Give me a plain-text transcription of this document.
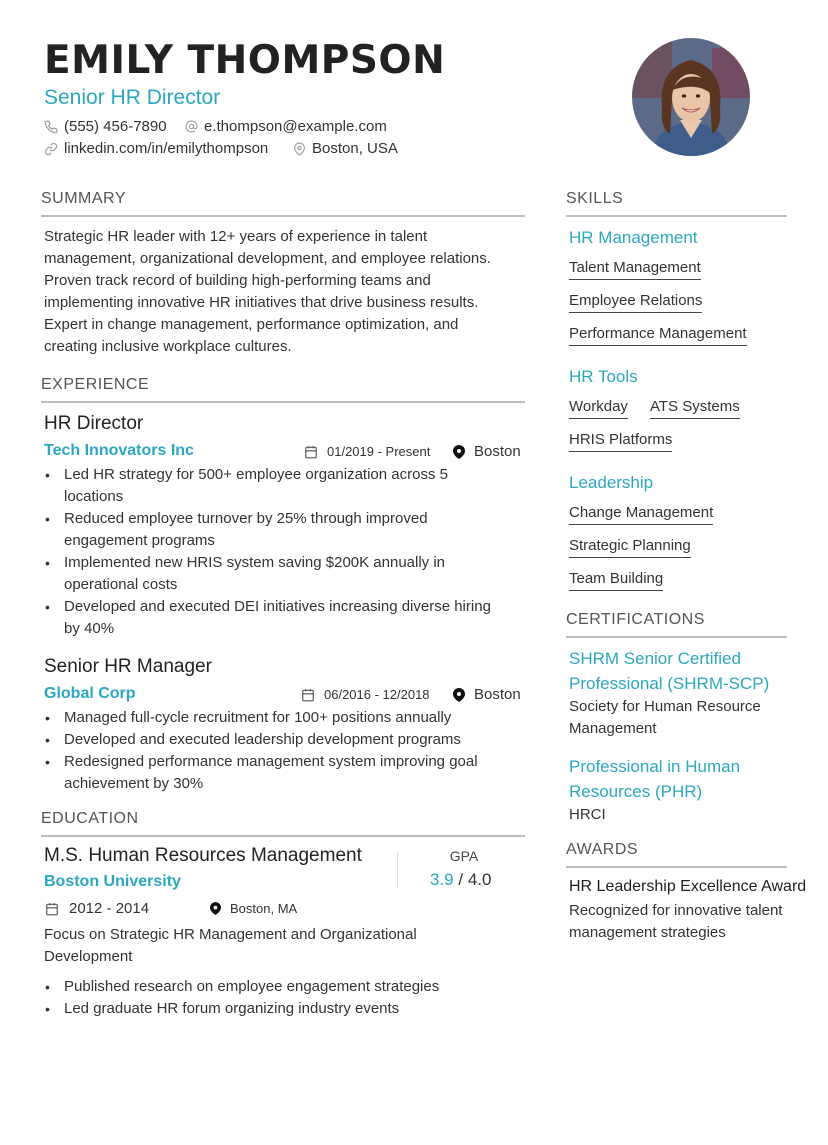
EMILY THOMPSON
Senior HR Director
(555) 456-7890 e.thompson@example.com
linkedin.com/in/emilythompson	Boston, USA
SUMMARY
Strategic HR leader with 12+ years of experience in talent
management, organizational development, and employee relations.
Proven track record of building high-performing teams and
implementing innovative HR initiatives that drive business results.
Expert in change management, performance optimization, and
creating inclusive workplace cultures.
EXPERIENCE
HR Director
Tech Innovators Inc	01/2019 - Present	Boston
• Led HR strategy for 500+ employee organization across 5
locations
• Reduced employee turnover by 25% through improved
engagement programs
• Implemented new HRIS system saving $200K annually in
operational costs
• Developed and executed DEI initiatives increasing diverse hiring
by 40%
Senior HR Manager
Global Corp	06/2016 - 12/2018	Boston
• Managed full-cycle recruitment for 100+ positions annually
• Developed and executed leadership development programs
• Redesigned performance management system improving goal
achievement by 30%
EDUCATION
M.S. Human Resources Management
Boston University
GPA
3.9 / 4.0
2012 - 2014	Boston, MA
Focus on Strategic HR Management and Organizational
Development
• Published research on employee engagement strategies
• Led graduate HR forum organizing industry events
SKILLS
HR Management
Talent Management
Employee Relations
Performance Management
HR Tools
Workday ATS Systems
HRIS Platforms
Leadership
Change Management
Strategic Planning
Team Building
CERTIFICATIONS
SHRM Senior Certified
Professional (SHRM-SCP)
Society for Human Resource
Management
Professional in Human
Resources (PHR)
HRCI
AWARDS
HR Leadership Excellence Award
Recognized for innovative talent
management strategies
